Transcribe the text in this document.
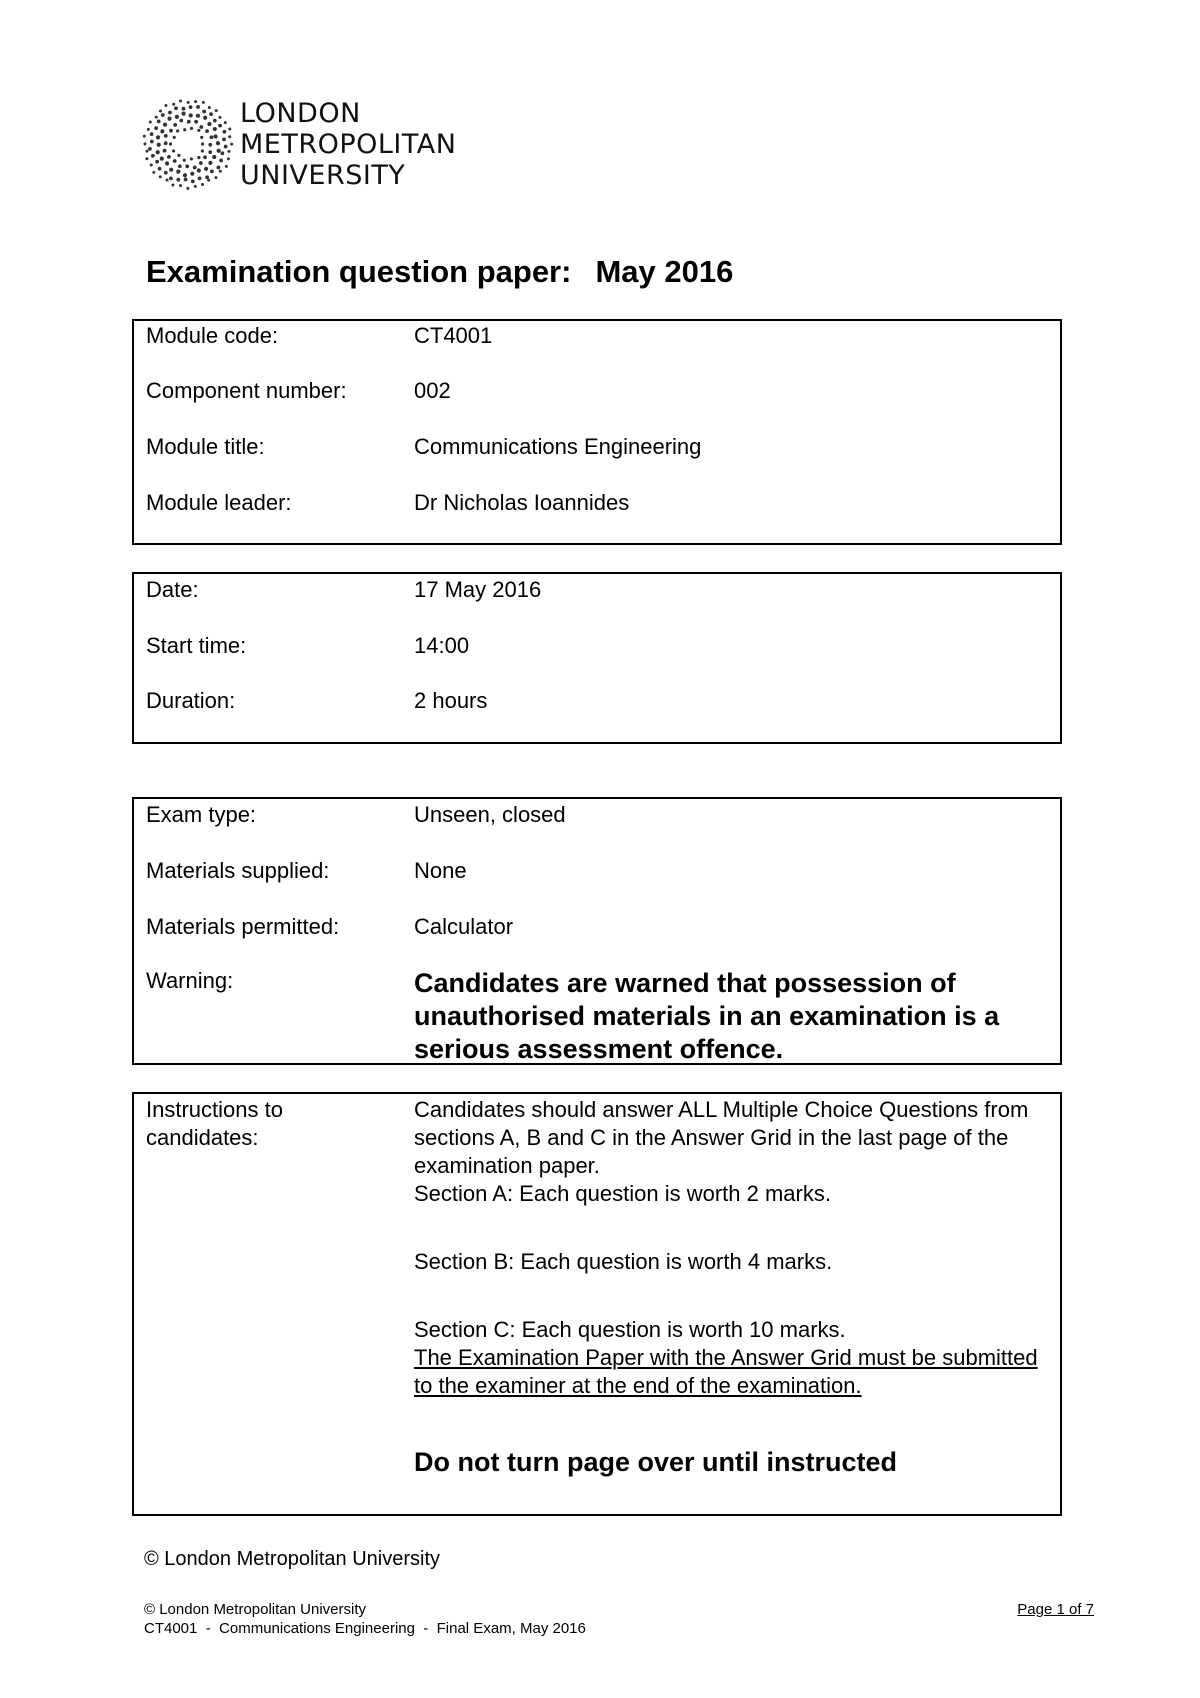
LONDON
METROPOLITAN
UNIVERSITY
Examination question paper: May 2016
Module code:	CT4001
Component number:	002
Module title:	Communications Engineering
Module leader:	Dr Nicholas Ioannides
Date:	17 May 2016
Start time:	14:00
Duration:	2 hours
Exam type:	Unseen, closed
Materials supplied:	None
Materials permitted:	Calculator
Warning:	Candidates are warned that possession of unauthorised materials in an examination is a serious assessment offence.
Instructions to
candidates:
Candidates should answer ALL Multiple Choice Questions from sections A, B and C in the Answer Grid in the last page of the examination paper.
Section A: Each question is worth 2 marks.
Section B: Each question is worth 4 marks.
Section C: Each question is worth 10 marks.
The Examination Paper with the Answer Grid must be submitted to the examiner at the end of the examination.
Do not turn page over until instructed
© London Metropolitan University
© London Metropolitan University	Page 1 of 7
CT4001  -  Communications Engineering  -  Final Exam, May 2016
